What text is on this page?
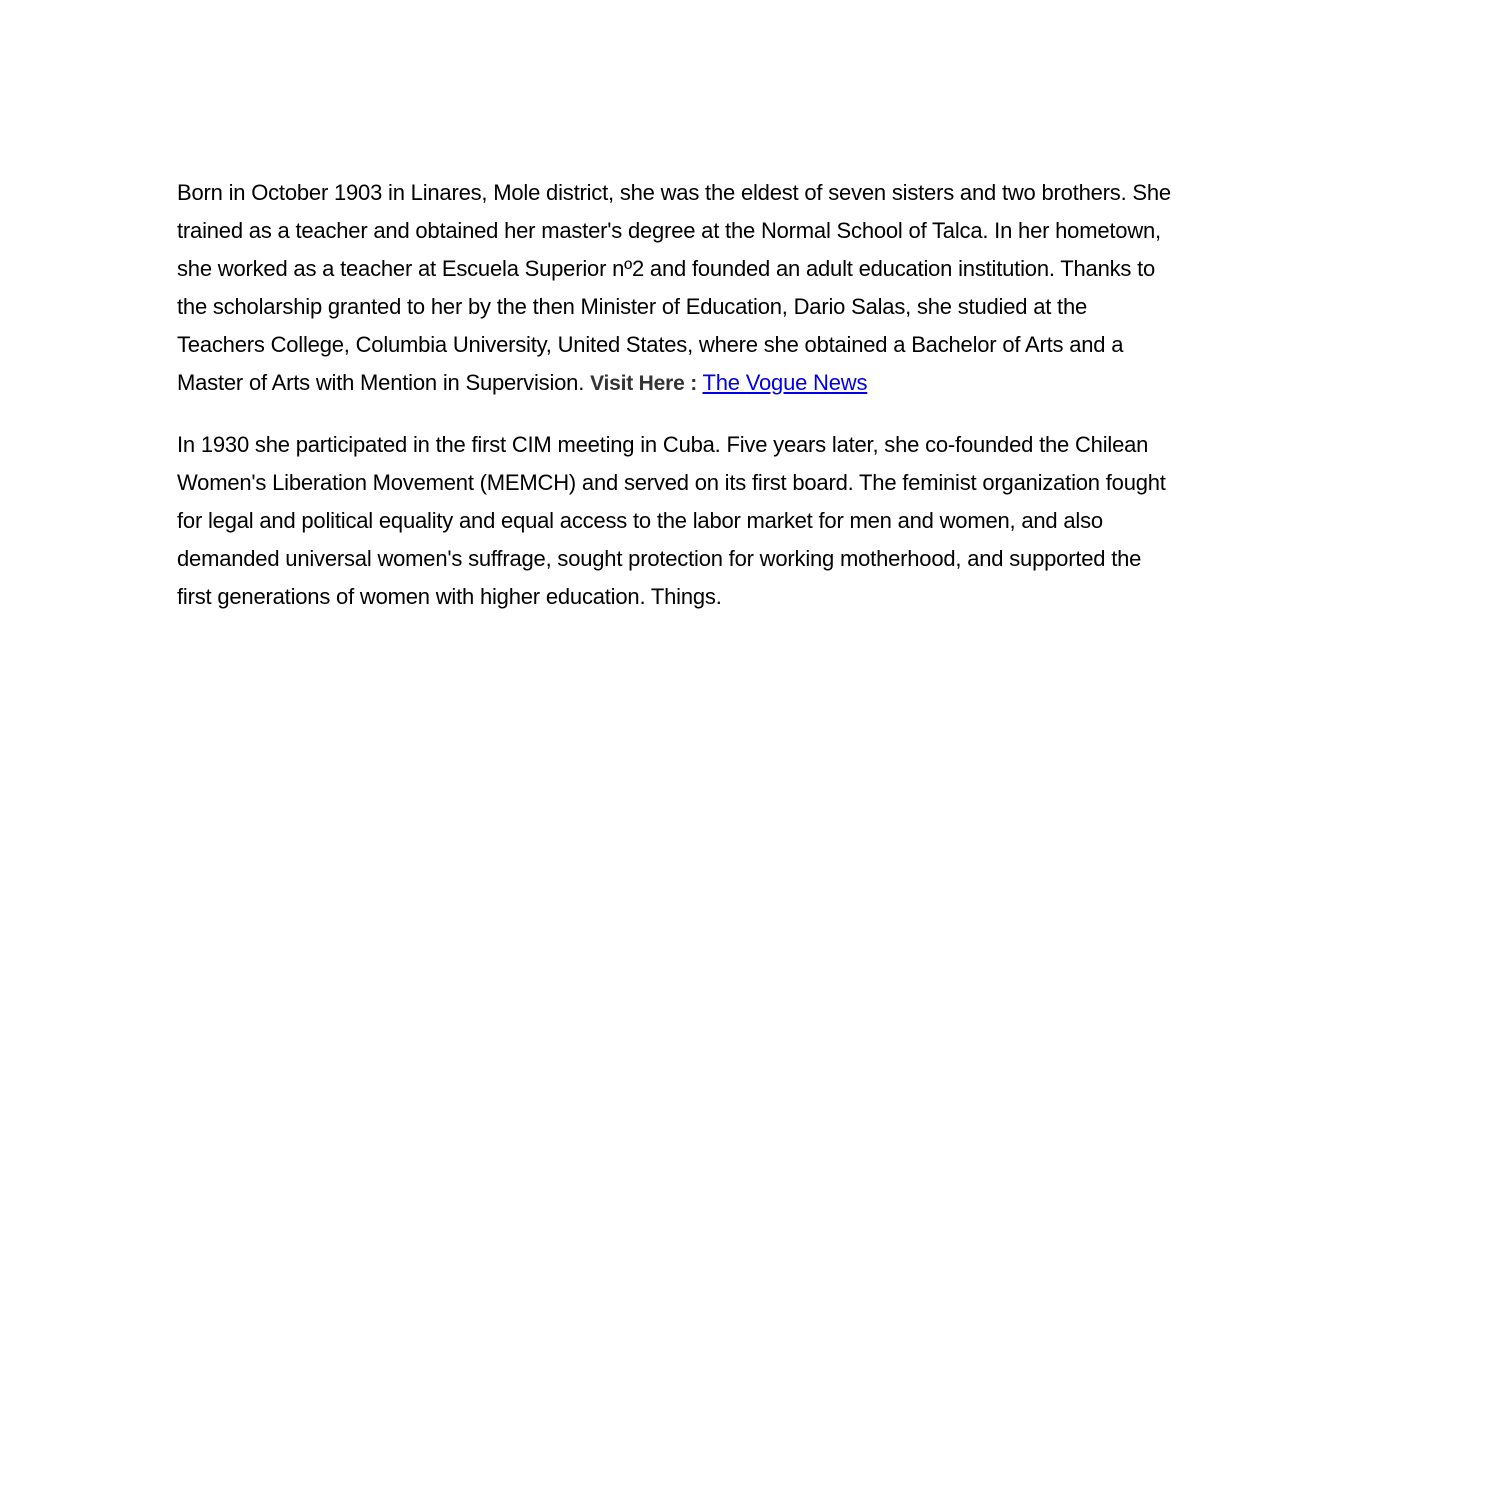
Born in October 1903 in Linares, Mole district, she was the eldest of seven sisters and two brothers. She
trained as a teacher and obtained her master's degree at the Normal School of Talca. In her hometown,
she worked as a teacher at Escuela Superior nº2 and founded an adult education institution. Thanks to
the scholarship granted to her by the then Minister of Education, Dario Salas, she studied at the
Teachers College, Columbia University, United States, where she obtained a Bachelor of Arts and a
Master of Arts with Mention in Supervision. Visit Here : The Vogue News
In 1930 she participated in the first CIM meeting in Cuba. Five years later, she co-founded the Chilean
Women's Liberation Movement (MEMCH) and served on its first board. The feminist organization fought
for legal and political equality and equal access to the labor market for men and women, and also
demanded universal women's suffrage, sought protection for working motherhood, and supported the
first generations of women with higher education. Things.
